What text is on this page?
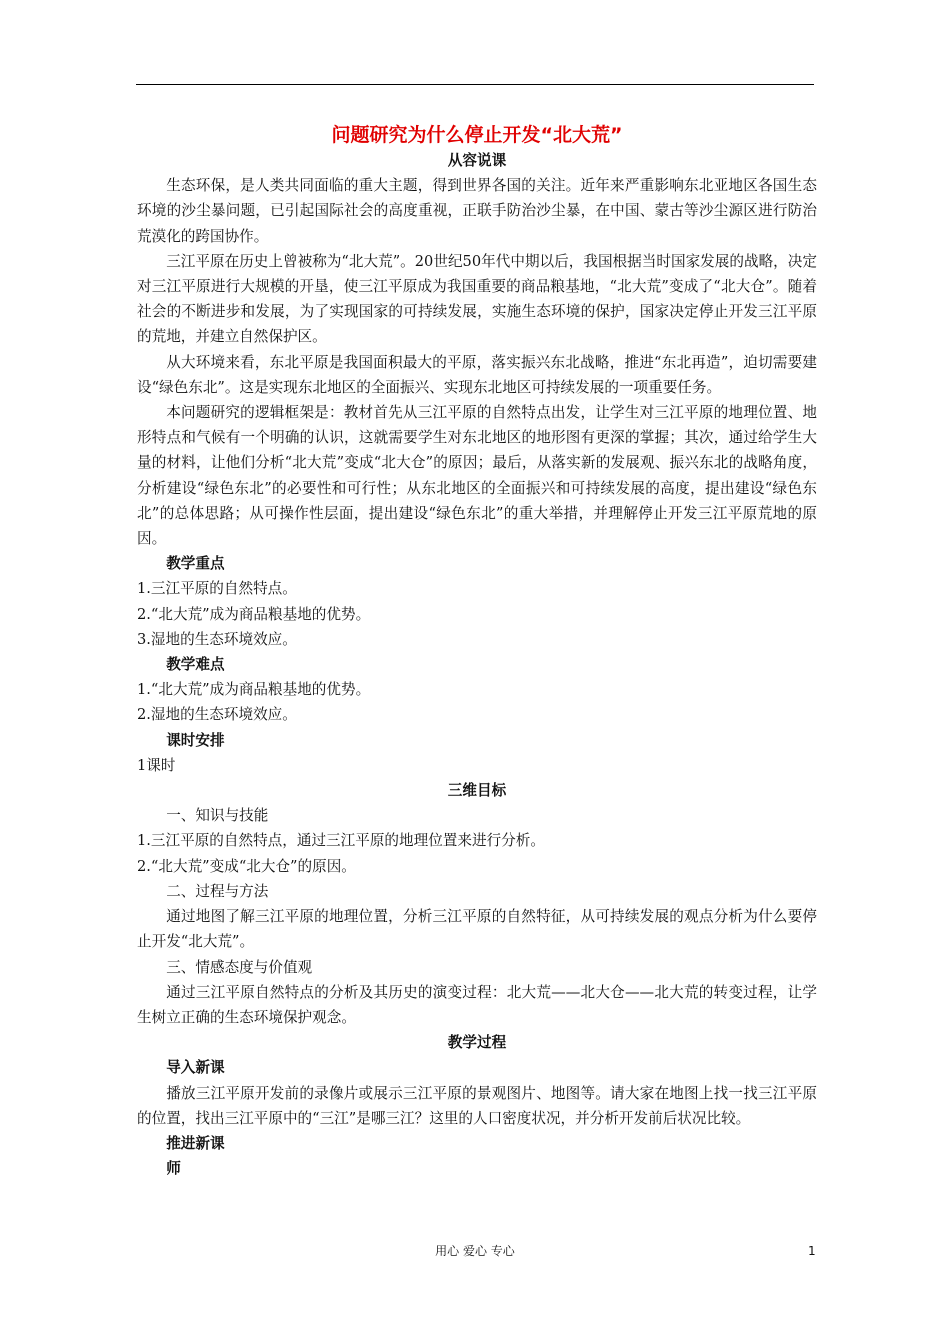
问题研究为什么停止开发“北大荒”
从容说课

生态环保，是人类共同面临的重大主题，得到世界各国的关注。近年来严重影响东北亚地区各国生态环境的沙尘暴问题，已引起国际社会的高度重视，正联手防治沙尘暴，在中国、蒙古等沙尘源区进行防治荒漠化的跨国协作。

三江平原在历史上曾被称为“北大荒”。20世纪50年代中期以后，我国根据当时国家发展的战略，决定对三江平原进行大规模的开垦，使三江平原成为我国重要的商品粮基地，“北大荒”变成了“北大仓”。随着社会的不断进步和发展，为了实现国家的可持续发展，实施生态环境的保护，国家决定停止开发三江平原的荒地，并建立自然保护区。

从大环境来看，东北平原是我国面积最大的平原，落实振兴东北战略，推进“东北再造”，迫切需要建设“绿色东北”。这是实现东北地区的全面振兴、实现东北地区可持续发展的一项重要任务。

本问题研究的逻辑框架是：教材首先从三江平原的自然特点出发，让学生对三江平原的地理位置、地形特点和气候有一个明确的认识，这就需要学生对东北地区的地形图有更深的掌握；其次，通过给学生大量的材料，让他们分析“北大荒”变成“北大仓”的原因；最后，从落实新的发展观、振兴东北的战略角度，分析建设“绿色东北”的必要性和可行性；从东北地区的全面振兴和可持续发展的高度，提出建设“绿色东北”的总体思路；从可操作性层面，提出建设“绿色东北”的重大举措，并理解停止开发三江平原荒地的原因。

教学重点

1.三江平原的自然特点。

2.“北大荒”成为商品粮基地的优势。

3.湿地的生态环境效应。

教学难点

1.“北大荒”成为商品粮基地的优势。

2.湿地的生态环境效应。

课时安排

1课时

三维目标

一、知识与技能

1.三江平原的自然特点，通过三江平原的地理位置来进行分析。

2.“北大荒”变成“北大仓”的原因。

二、过程与方法

通过地图了解三江平原的地理位置，分析三江平原的自然特征，从可持续发展的观点分析为什么要停止开发“北大荒”。

三、情感态度与价值观

通过三江平原自然特点的分析及其历史的演变过程：北大荒——北大仓——北大荒的转变过程，让学生树立正确的生态环境保护观念。

教学过程

导入新课

播放三江平原开发前的录像片或展示三江平原的景观图片、地图等。请大家在地图上找一找三江平原的位置，找出三江平原中的“三江”是哪三江？这里的人口密度状况，并分析开发前后状况比较。

推进新课

师

用心 爱心 专心	1
